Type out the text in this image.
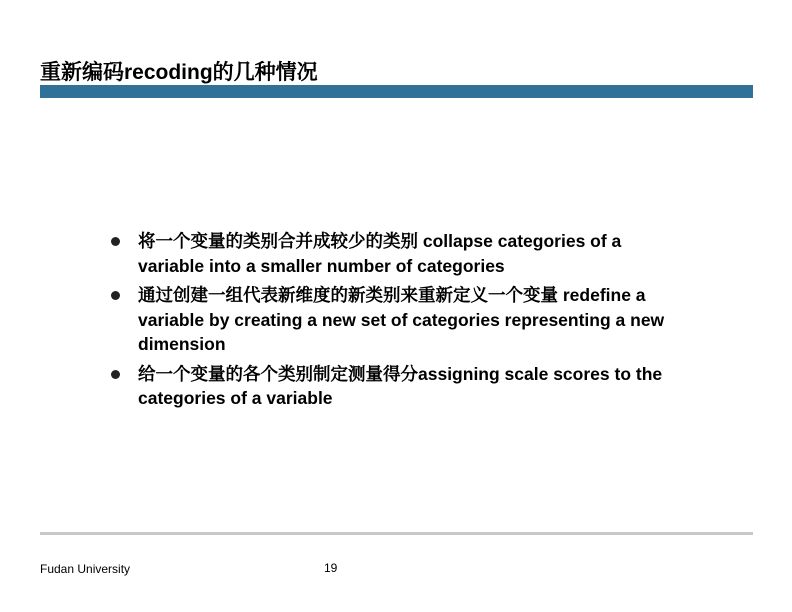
重新编码recoding的几种情况
将一个变量的类别合并成较少的类别 collapse categories of a variable into a smaller number of categories
通过创建一组代表新维度的新类别来重新定义一个变量 redefine a variable by creating a new set of categories representing a new dimension
给一个变量的各个类别制定测量得分assigning scale scores to the categories of a variable
Fudan University	19
